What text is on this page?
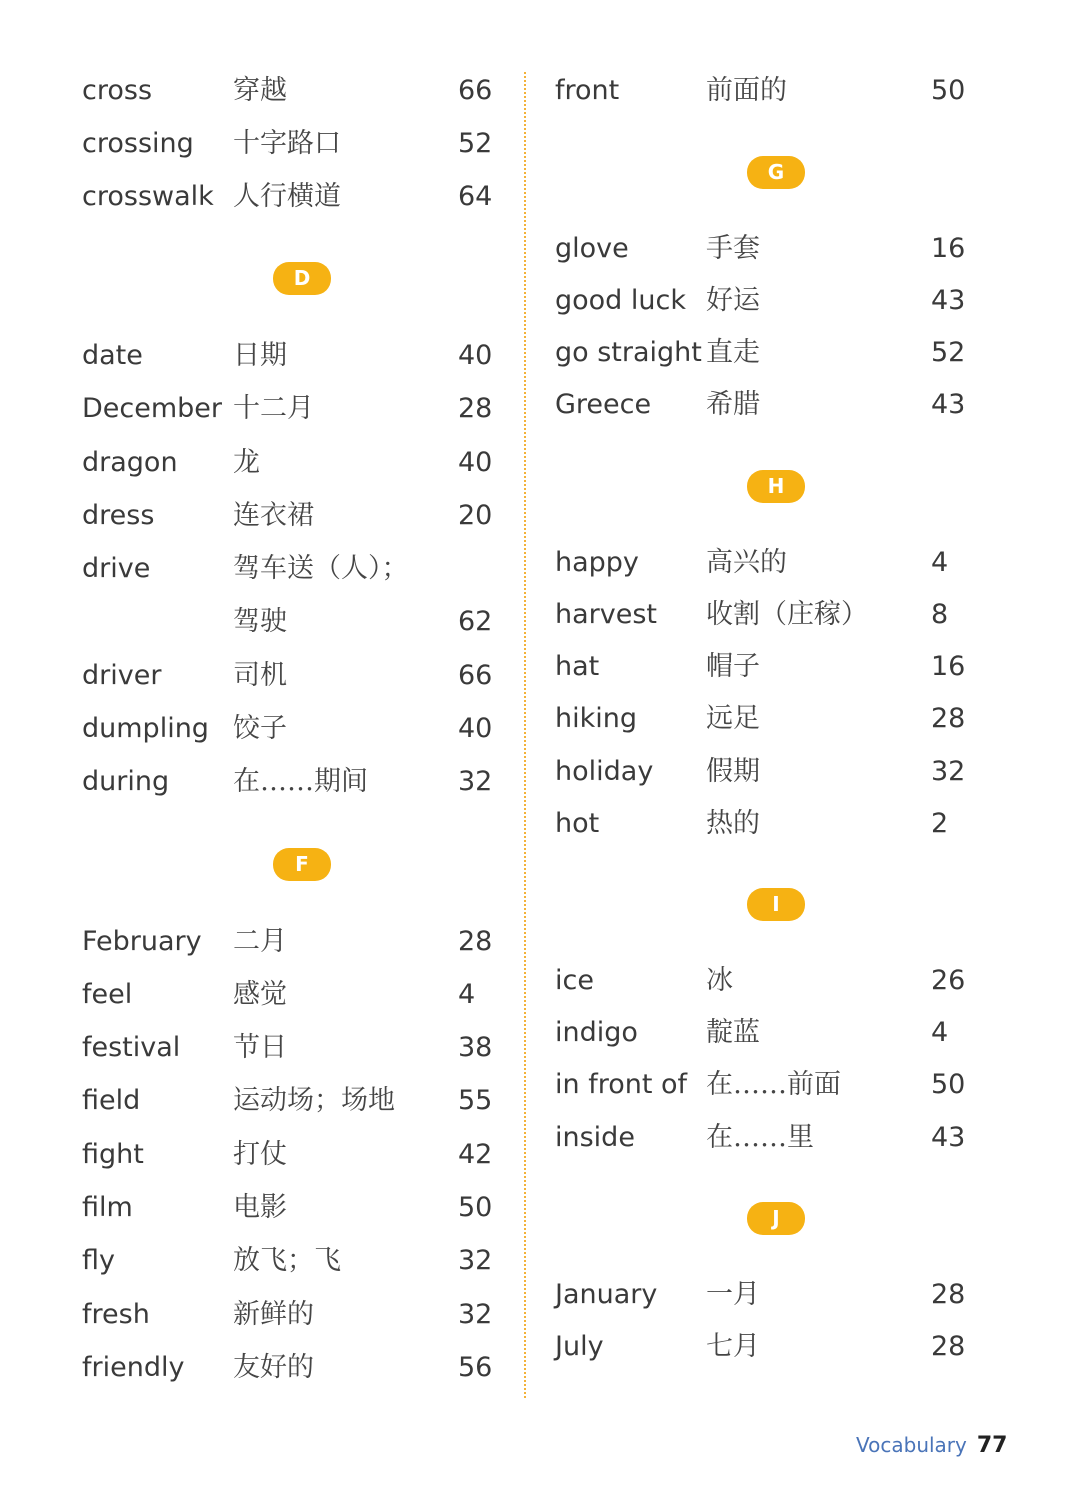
cross	穿越	66
crossing 十字路口	52
crosswalk 人行横道	64
D
date	日期	40
December 十二月	28
dragon 龙	40
dress	连衣裙	20
drive	驾车送（人）；
驾驶	62
driver	司机	66
dumpling 饺子	40
during 在……期间	32
F
February 二月	28
feel	感觉	4
festival 节日	38
field	运动场；场地 55
fight	打仗	42
film	电影	50
fly	放飞；飞	32
fresh	新鲜的	32
friendly 友好的	56
front	前面的	50
G
glove	手套	16
good luck 好运	43
go straight 直走	52
Greece 希腊	43
H
happy 高兴的	4
harvest 收割（庄稼） 8
hat	帽子	16
hiking	远足	28
holiday 假期	32
hot	热的	2
I
ice	冰	26
indigo	靛蓝	4
in front of 在……前面	50
inside	在……里	43
J
January 一月	28
July	七月	28
Vocabulary 77
